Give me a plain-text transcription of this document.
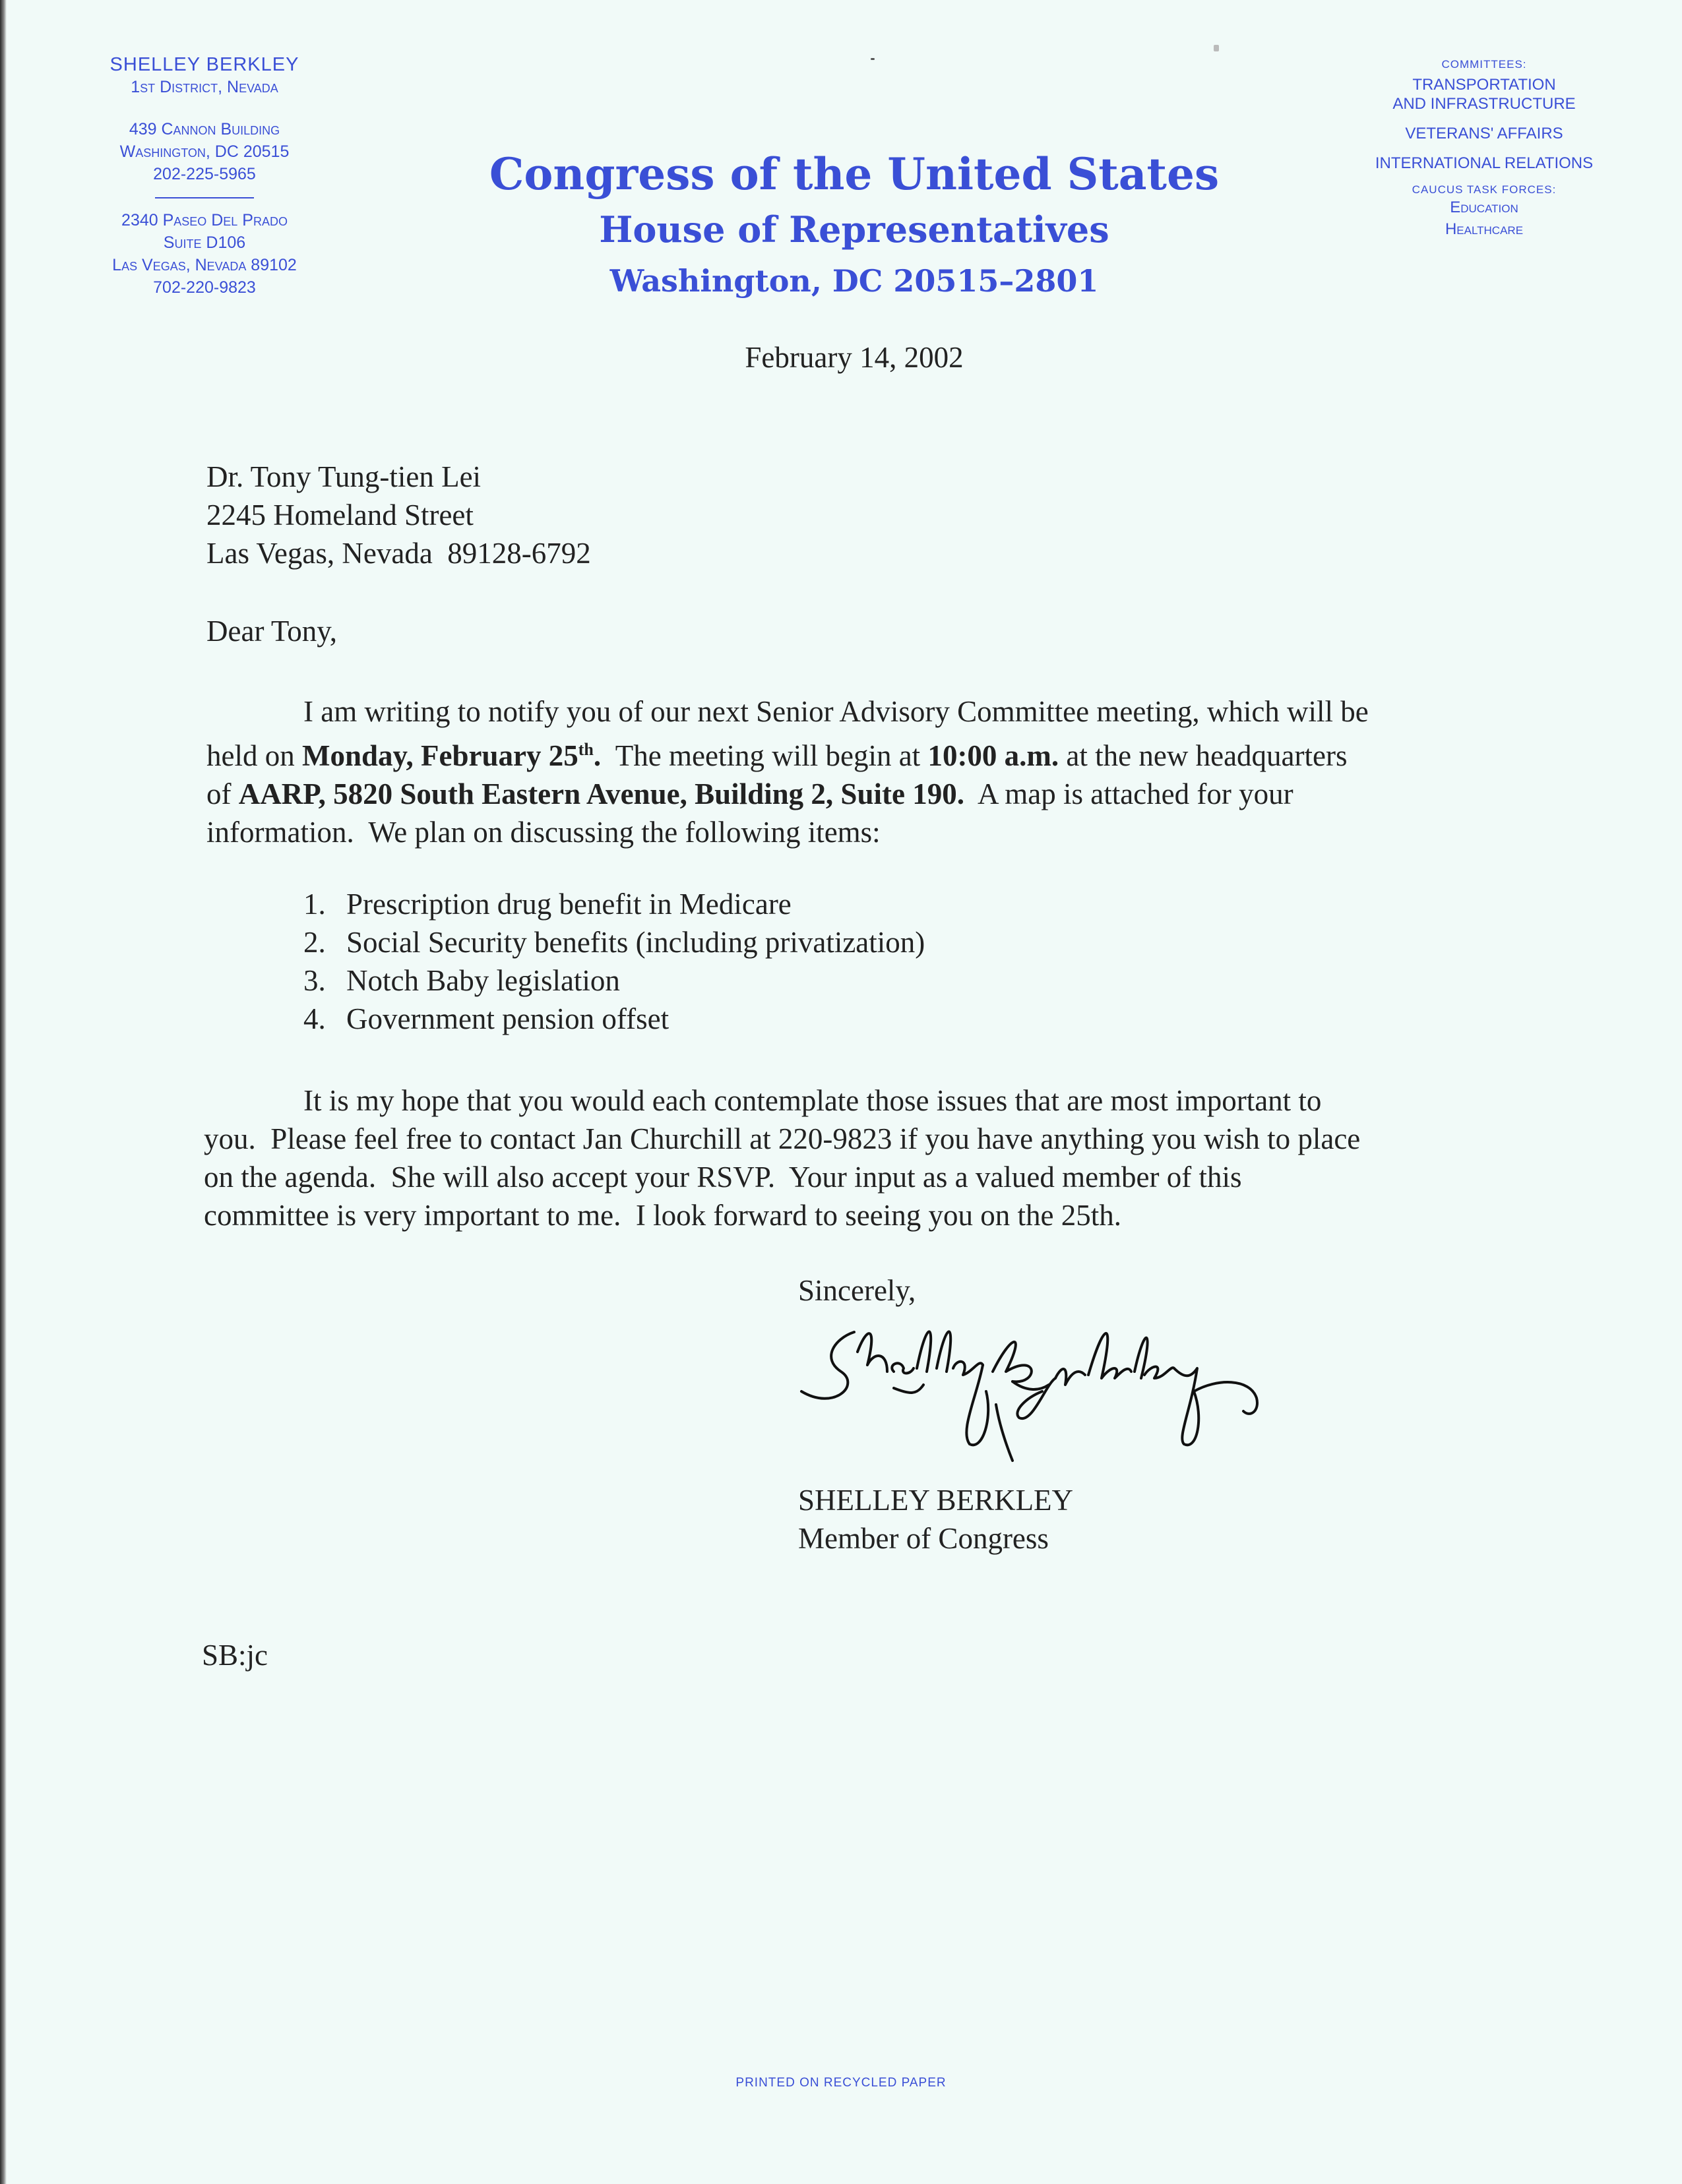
SHELLEY BERKLEY
1st District, Nevada
439 Cannon Building
Washington, DC 20515
202-225-5965
2340 Paseo Del Prado
Suite D106
Las Vegas, Nevada 89102
702-220-9823
Congress of the United States
House of Representatives
Washington, DC 20515–2801
COMMITTEES:
TRANSPORTATION
AND INFRASTRUCTURE
VETERANS' AFFAIRS
INTERNATIONAL RELATIONS
CAUCUS TASK FORCES:
Education
Healthcare
February 14, 2002
Dr. Tony Tung-tien Lei
2245 Homeland Street
Las Vegas, Nevada  89128-6792
Dear Tony,
I am writing to notify you of our next Senior Advisory Committee meeting, which will be
held on Monday, February 25th.  The meeting will begin at 10:00 a.m. at the new headquarters
of AARP, 5820 South Eastern Avenue, Building 2, Suite 190.  A map is attached for your
information.  We plan on discussing the following items:
1. Prescription drug benefit in Medicare
2. Social Security benefits (including privatization)
3. Notch Baby legislation
4. Government pension offset
It is my hope that you would each contemplate those issues that are most important to
you.  Please feel free to contact Jan Churchill at 220-9823 if you have anything you wish to place
on the agenda.  She will also accept your RSVP.  Your input as a valued member of this
committee is very important to me.  I look forward to seeing you on the 25th.
Sincerely,
SHELLEY BERKLEY
Member of Congress
SB:jc
PRINTED ON RECYCLED PAPER
